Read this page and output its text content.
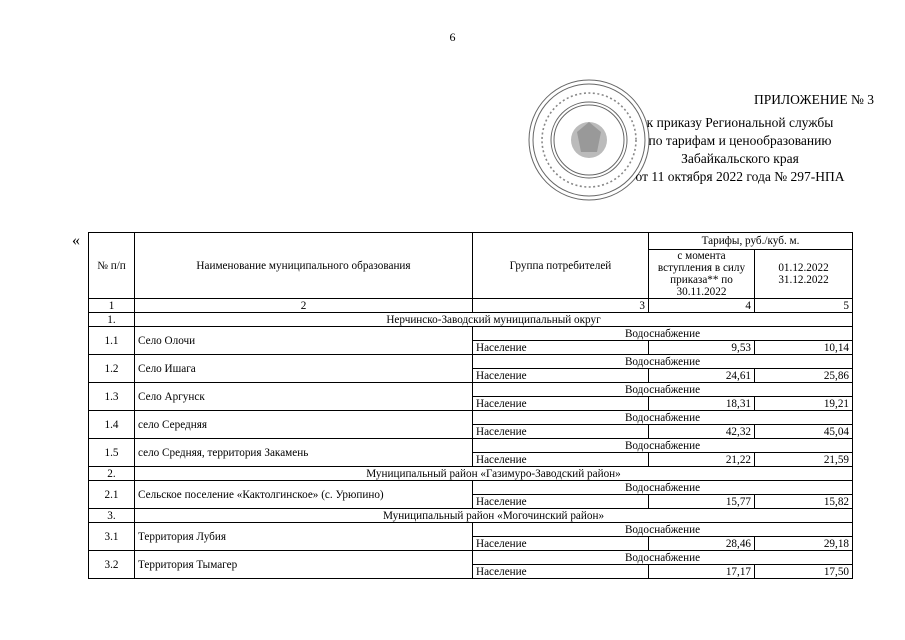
6
ПРИЛОЖЕНИЕ № 3
к приказу Региональной службы
по тарифам и ценообразованию
Забайкальского края
от 11 октября 2022 года № 297-НПА
«
№ п/п	Наименование муниципального образования	Группа потребителей	Тарифы, руб./куб. м.	
			с момента вступления в силу приказа** по 30.11.2022	01.12.2022 31.12.2022
1	2	3	4	5
1.	Нерчинско-Заводский муниципальный округ			
1.1	Село Олочи	Водоснабжение		
		Население	9,53	10,14
1.2	Село Ишага	Водоснабжение		
		Население	24,61	25,86
1.3	Село Аргунск	Водоснабжение		
		Население	18,31	19,21
1.4	село Середняя	Водоснабжение		
		Население	42,32	45,04
1.5	село Средняя, территория Закамень	Водоснабжение		
		Население	21,22	21,59
2.	Муниципальный район «Газимуро-Заводский район»			
2.1	Сельское поселение «Кактолгинское» (с. Урюпино)	Водоснабжение		
		Население	15,77	15,82
3.	Муниципальный район «Могочинский район»			
3.1	Территория Лубия	Водоснабжение		
		Население	28,46	29,18
3.2	Территория Тымагер	Водоснабжение		
		Население	17,17	17,50
